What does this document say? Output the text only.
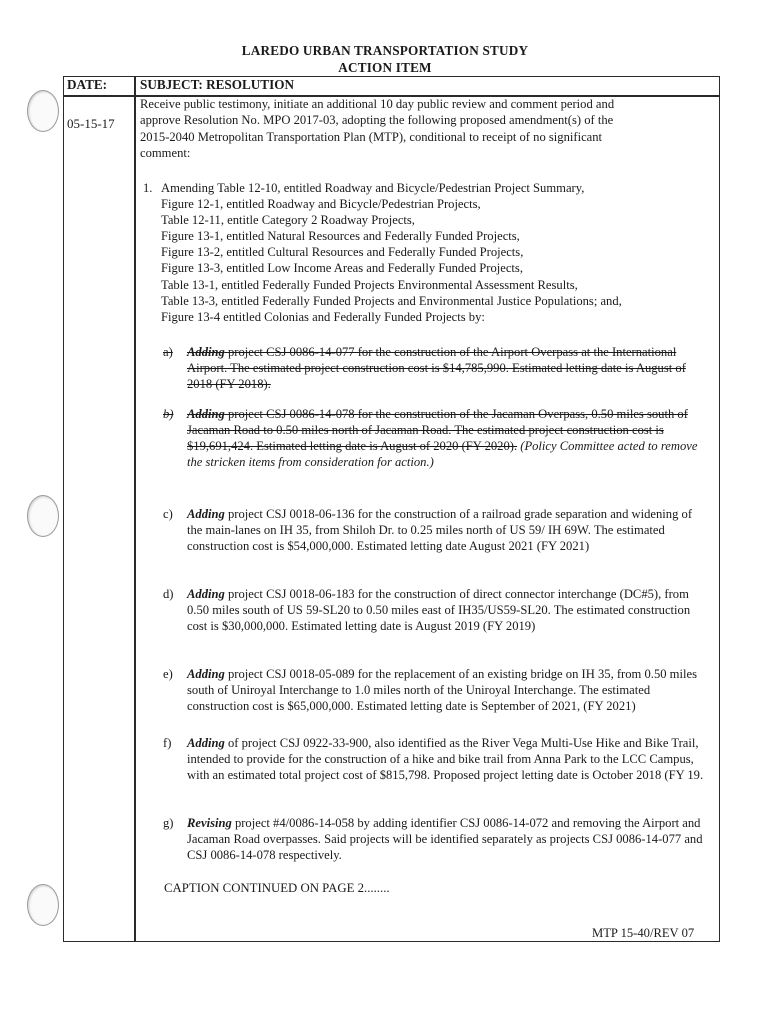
LAREDO URBAN TRANSPORTATION STUDY
ACTION ITEM
DATE:
05-15-17
SUBJECT: RESOLUTION
Receive public testimony, initiate an additional 10 day public review and comment period and
approve Resolution No. MPO 2017-03, adopting the following proposed amendment(s) of the
2015-2040 Metropolitan Transportation Plan (MTP), conditional to receipt of no significant
comment:
1. Amending Table 12-10, entitled Roadway and Bicycle/Pedestrian Project Summary,
Figure 12-1, entitled Roadway and Bicycle/Pedestrian Projects,
Table 12-11, entitle Category 2 Roadway Projects,
Figure 13-1, entitled Natural Resources and Federally Funded Projects,
Figure 13-2, entitled Cultural Resources and Federally Funded Projects,
Figure 13-3, entitled Low Income Areas and Federally Funded Projects,
Table 13-1, entitled Federally Funded Projects Environmental Assessment Results,
Table 13-3, entitled Federally Funded Projects and Environmental Justice Populations; and,
Figure 13-4 entitled Colonias and Federally Funded Projects by:
a) Adding project CSJ 0086-14-077 for the construction of the Airport Overpass at the International Airport. The estimated project construction cost is $14,785,990. Estimated letting date is August of 2018 (FY 2018).
b) Adding project CSJ 0086-14-078 for the construction of the Jacaman Overpass, 0.50 miles south of Jacaman Road to 0.50 miles north of Jacaman Road. The estimated project construction cost is $19,691,424. Estimated letting date is August of 2020 (FY 2020). (Policy Committee acted to remove the stricken items from consideration for action.)
c) Adding project CSJ 0018-06-136 for the construction of a railroad grade separation and widening of the main-lanes on IH 35, from Shiloh Dr. to 0.25 miles north of US 59/ IH 69W. The estimated construction cost is $54,000,000. Estimated letting date August 2021 (FY 2021)
d) Adding project CSJ 0018-06-183 for the construction of direct connector interchange (DC#5), from 0.50 miles south of US 59-SL20 to 0.50 miles east of IH35/US59-SL20. The estimated construction cost is $30,000,000. Estimated letting date is August 2019 (FY 2019)
e) Adding project CSJ 0018-05-089 for the replacement of an existing bridge on IH 35, from 0.50 miles south of Uniroyal Interchange to 1.0 miles north of the Uniroyal Interchange. The estimated construction cost is $65,000,000. Estimated letting date is September of 2021, (FY 2021)
f) Adding of project CSJ 0922-33-900, also identified as the River Vega Multi-Use Hike and Bike Trail, intended to provide for the construction of a hike and bike trail from Anna Park to the LCC Campus, with an estimated total project cost of $815,798. Proposed project letting date is October 2018 (FY 19.
g) Revising project #4/0086-14-058 by adding identifier CSJ 0086-14-072 and removing the Airport and Jacaman Road overpasses. Said projects will be identified separately as projects CSJ 0086-14-077 and CSJ 0086-14-078 respectively.
CAPTION CONTINUED ON PAGE 2........
MTP 15-40/REV 07
